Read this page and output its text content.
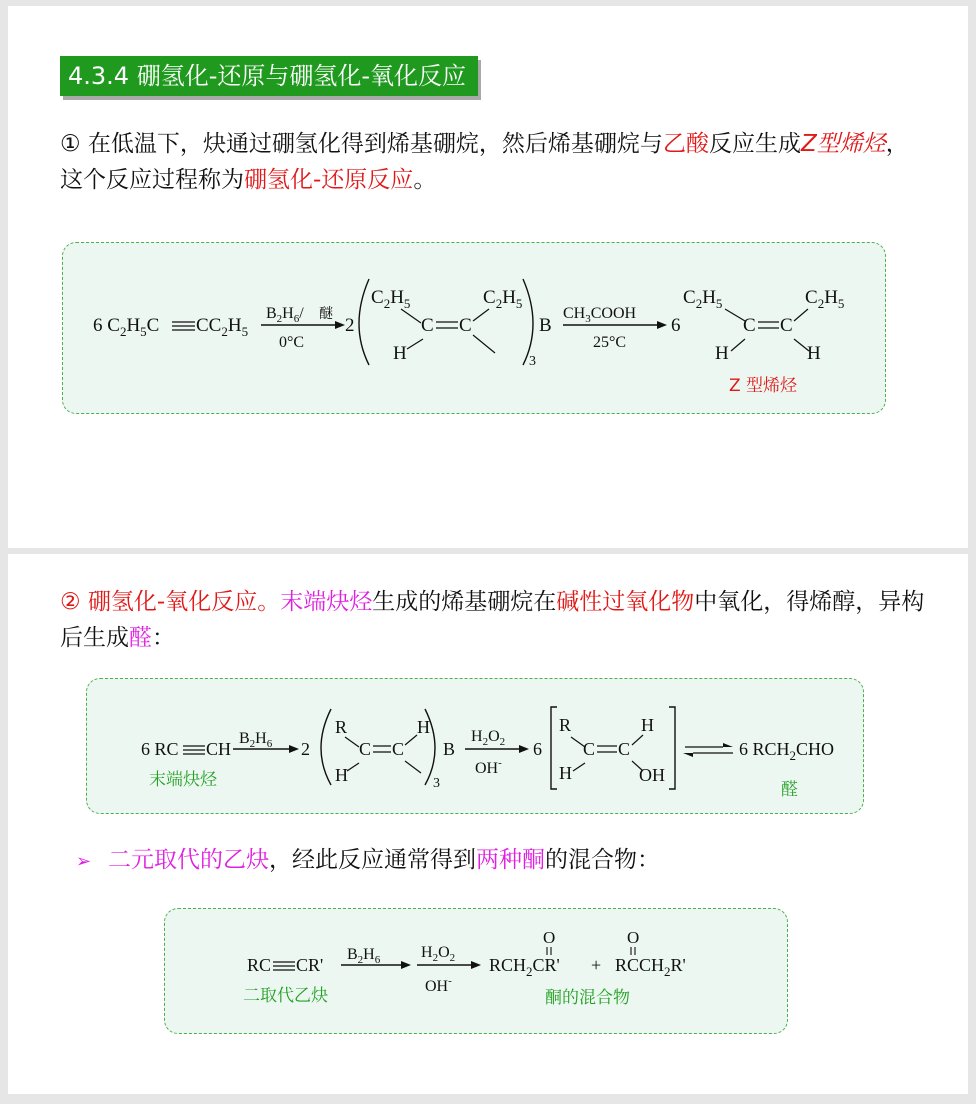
4.3.4 硼氢化-还原与硼氢化-氧化反应
① 在低温下，炔通过硼氢化得到烯基硼烷，然后烯基硼烷与乙酸反应生成Z型烯烃，这个反应过程称为硼氢化-还原反应。
6 $C_2H_5C$ $CC_2H_5$
$B_2H_6/$ 醚
0°C
2
$C_2H_5$
H
C C
$C_2H_5$
3
B
$CH_3COOH$
25°C
6
$C_2H_5$
H
C C
$C_2H_5$
H
Z 型烯烃
② 硼氢化-氧化反应。末端炔烃生成的烯基硼烷在碱性过氧化物中氧化，得烯醇，异构后生成醛：
6 RC CH
$B_2H_6$ 2
R
H
C C
H
3
B
$H_2O_2$
OH-
6
R
H
C C
H
OH
6 $RCH_2CHO$
末端炔烃	醛
➢ 二元取代的乙炔，经此反应通常得到两种酮的混合物：
RC CR'
$B_2H_6$	$H_2O_2$
OH-
$RCH_2CR'$
O
+ $RCCH_2R'$
O
二取代乙炔	酮的混合物
